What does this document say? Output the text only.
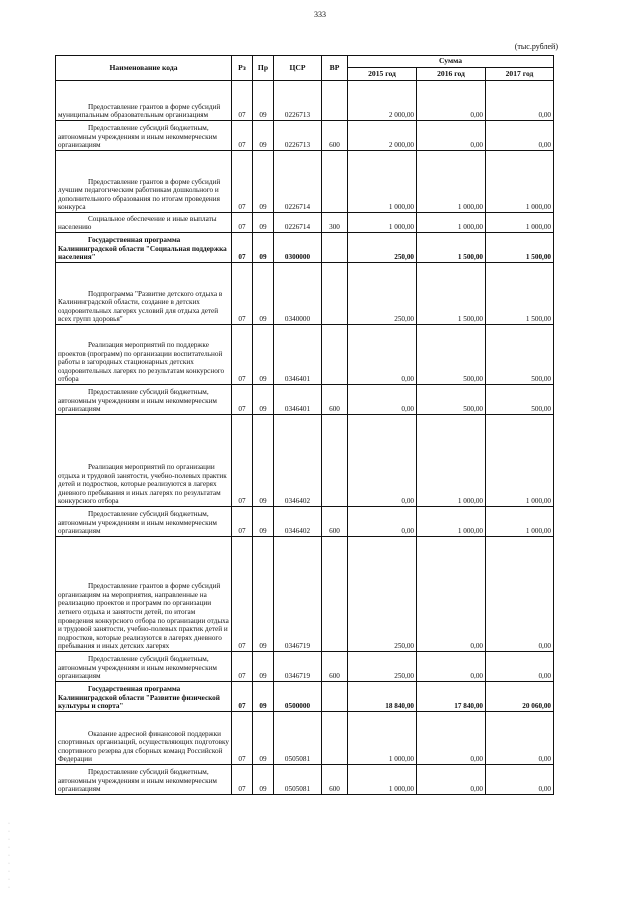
333
(тыс.рублей)
Наименование кода	Рз	Пр	ЦСР	ВР	Сумма		
					2015 год	2016 год	2017 год
Предоставление грантов в форме субсидий муниципальным образовательным организациям	07	09	0226713		2 000,00	0,00	0,00
Предоставление субсидий бюджетным, автономным учреждениям и иным некоммерческим организациям	07	09	0226713	600	2 000,00	0,00	0,00
Предоставление грантов в форме субсидий лучшим педагогическим работникам дошкольного и дополнительного образования по итогам проведения конкурса	07	09	0226714		1 000,00	1 000,00	1 000,00
Социальное обеспечение и иные выплаты населению	07	09	0226714	300	1 000,00	1 000,00	1 000,00
Государственная программа Калининградской области "Социальная поддержка населения"	07	09	0300000		250,00	1 500,00	1 500,00
Подпрограмма "Развитие детского отдыха в Калининградской области, создание в детских оздоровительных лагерях условий для отдыха детей всех групп здоровья"	07	09	0340000		250,00	1 500,00	1 500,00
Реализация мероприятий по поддержке проектов (программ) по организации воспитательной работы в загородных стационарных детских оздоровительных лагерях по результатам конкурсного отбора	07	09	0346401		0,00	500,00	500,00
Предоставление субсидий бюджетным, автономным учреждениям и иным некоммерческим организациям	07	09	0346401	600	0,00	500,00	500,00
Реализация мероприятий по организации отдыха и трудовой занятости, учебно-полевых практик детей и подростков, которые реализуются в лагерях дневного пребывания и иных лагерях по результатам конкурсного отбора	07	09	0346402		0,00	1 000,00	1 000,00
Предоставление субсидий бюджетным, автономным учреждениям и иным некоммерческим организациям	07	09	0346402	600	0,00	1 000,00	1 000,00
Предоставление грантов в форме субсидий организациям на мероприятия, направленные на реализацию проектов и программ по организации летнего отдыха и занятости детей, по итогам проведения конкурсного отбора по организации отдыха и трудовой занятости, учебно-полевых практик детей и подростков, которые реализуются в лагерях дневного пребывания и иных детских лагерях	07	09	0346719		250,00	0,00	0,00
Предоставление субсидий бюджетным, автономным учреждениям и иным некоммерческим организациям	07	09	0346719	600	250,00	0,00	0,00
Государственная программа Калининградской области "Развитие физической культуры и спорта"	07	09	0500000		18 840,00	17 840,00	20 060,00
Оказание адресной финансовой поддержки спортивных организаций, осуществляющих подготовку спортивного резерва для сборных команд Российской Федерации	07	09	0505081		1 000,00	0,00	0,00
Предоставление субсидий бюджетным, автономным учреждениям и иным некоммерческим организациям	07	09	0505081	600	1 000,00	0,00	0,00
·
·
·
·
·
·
·
·
·
